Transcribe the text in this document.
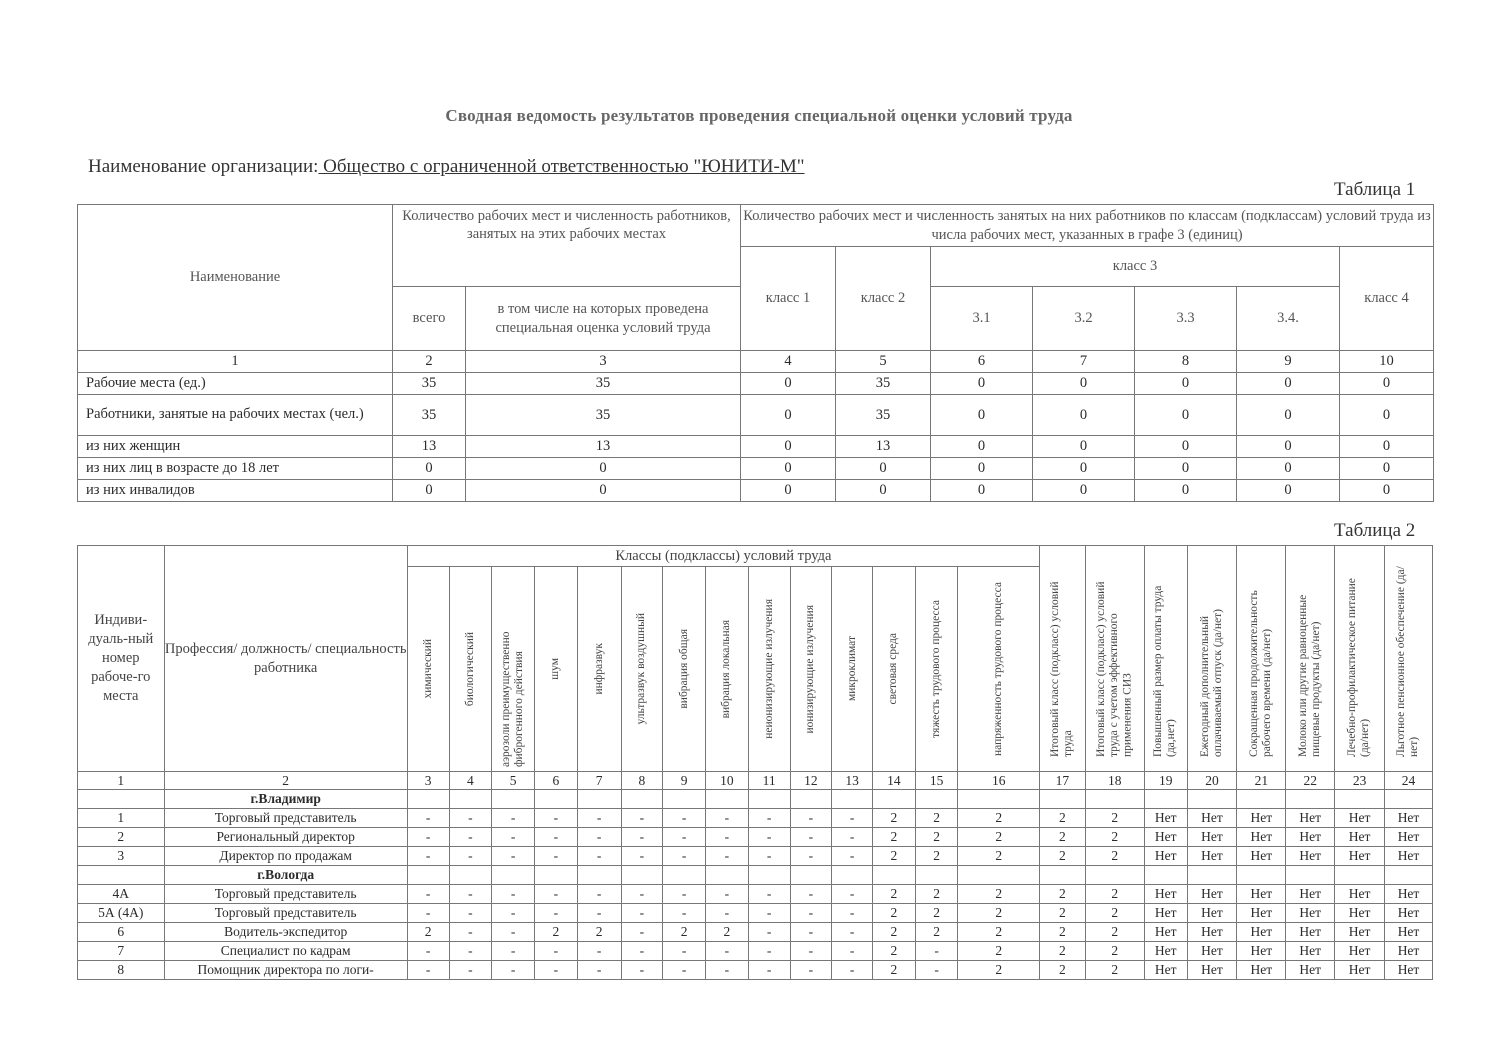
Сводная ведомость результатов проведения специальной оценки условий труда
Наименование организации: Общество с ограниченной ответственностью "ЮНИТИ-М"
Таблица 1
Наименование	Количество рабочих мест и численность работников, занятых на этих рабочих местах		Количество рабочих мест и численность занятых на них работников по классам (подклассам) условий труда из числа рабочих мест, указанных в графе 3 (единиц)						
			класс 1	класс 2	класс 3				класс 4
	всего	в том числе на которых проведена специальная оценка условий труда			3.1	3.2	3.3	3.4.	
1	2	3	4	5	6	7	8	9	10
Рабочие места (ед.)	35	35	0	35	0	0	0	0	0
Работники, занятые на рабочих местах (чел.)	35	35	0	35	0	0	0	0	0
из них женщин	13	13	0	13	0	0	0	0	0
из них лиц в возрасте до 18 лет	0	0	0	0	0	0	0	0	0
из них инвалидов	0	0	0	0	0	0	0	0	0
Таблица 2
Индиви-дуаль-ный номер рабоче-го места	Профессия/ должность/ специальность работника	Классы (подклассы) условий труда														Итоговый класс (подкласс) условий труда	Итоговый класс (подкласс) условий труда с учетом эффективного применения СИЗ	Повышенный размер оплаты труда (да,нет)	Ежегодный дополнительный оплачиваемый отпуск (да/нет)	Сокращенная продолжительность рабочего времени (да/нет)	Молоко или другие равноценные пищевые продукты (да/нет)	Лечебно-профилактическое питание (да/нет)	Льготное пенсионное обеспечение (да/нет)

		химический	биологический	аэрозоли преимущественно фиброгенного действия	шум	инфразвук	ультразвук воздушный	вибрация общая	вибрация локальная	неионизирующие излучения	ионизирующие излучения	микроклимат	световая среда	тяжесть трудового процесса	напряженность трудового процесса								

1	2	3	4	5	6	7	8	9	10	11	12	13	14	15	16	17	18	19	20	21	22	23	24
	г.Владимир																						
1	Торговый представитель	-	-	-	-	-	-	-	-	-	-	-	2	2	2	2	2	Нет	Нет	Нет	Нет	Нет	Нет
2	Региональный директор	-	-	-	-	-	-	-	-	-	-	-	2	2	2	2	2	Нет	Нет	Нет	Нет	Нет	Нет
3	Директор по продажам	-	-	-	-	-	-	-	-	-	-	-	2	2	2	2	2	Нет	Нет	Нет	Нет	Нет	Нет
	г.Вологда																						
4А	Торговый представитель	-	-	-	-	-	-	-	-	-	-	-	2	2	2	2	2	Нет	Нет	Нет	Нет	Нет	Нет
5А (4А)	Торговый представитель	-	-	-	-	-	-	-	-	-	-	-	2	2	2	2	2	Нет	Нет	Нет	Нет	Нет	Нет
6	Водитель-экспедитор	2	-	-	2	2	-	2	2	-	-	-	2	2	2	2	2	Нет	Нет	Нет	Нет	Нет	Нет
7	Специалист по кадрам	-	-	-	-	-	-	-	-	-	-	-	2	-	2	2	2	Нет	Нет	Нет	Нет	Нет	Нет
8	Помощник директора по логи-	-	-	-	-	-	-	-	-	-	-	-	2	-	2	2	2	Нет	Нет	Нет	Нет	Нет	Нет
